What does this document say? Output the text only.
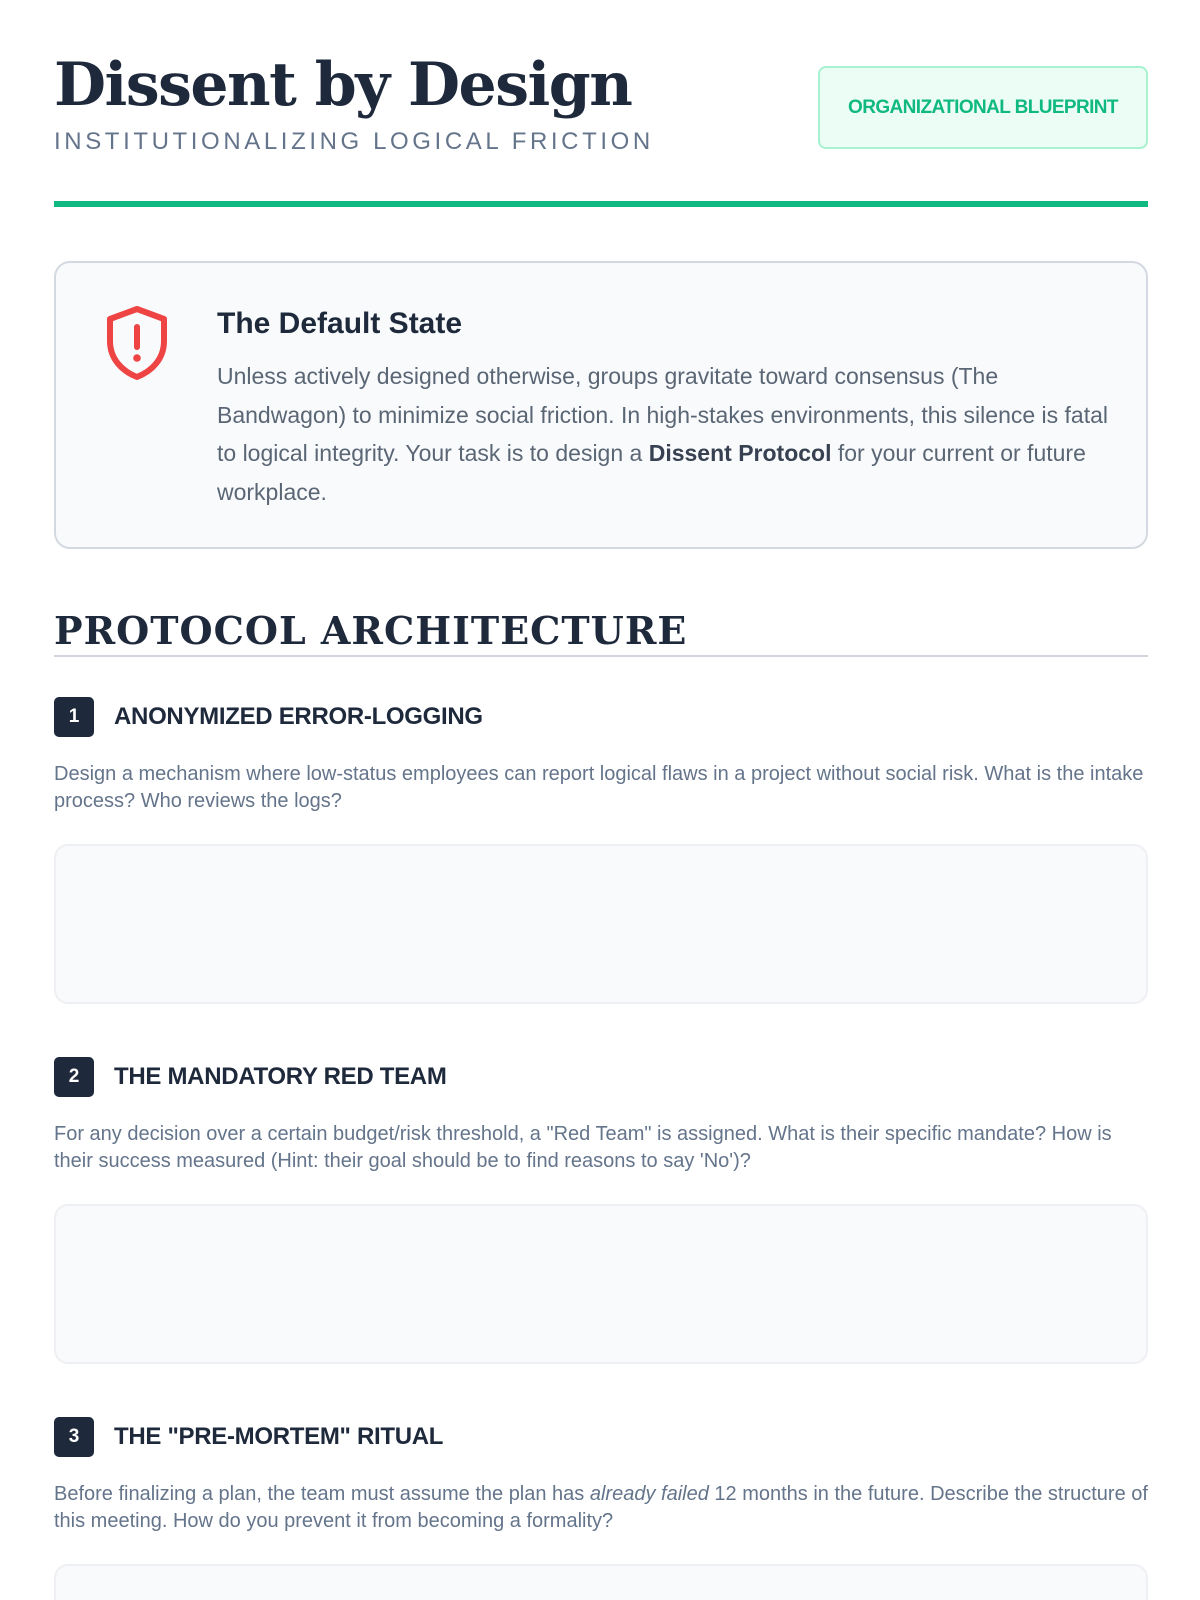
Dissent by Design
INSTITUTIONALIZING LOGICAL FRICTION
ORGANIZATIONAL BLUEPRINT
The Default State
Unless actively designed otherwise, groups gravitate toward consensus (The Bandwagon) to minimize social friction. In high-stakes environments, this silence is fatal to logical integrity. Your task is to design a Dissent Protocol for your current or future workplace.
PROTOCOL ARCHITECTURE
1	ANONYMIZED ERROR-LOGGING
Design a mechanism where low-status employees can report logical flaws in a project without social risk. What is the intake process? Who reviews the logs?
2	THE MANDATORY RED TEAM
For any decision over a certain budget/risk threshold, a "Red Team" is assigned. What is their specific mandate? How is their success measured (Hint: their goal should be to find reasons to say 'No')?
3	THE "PRE-MORTEM" RITUAL
Before finalizing a plan, the team must assume the plan has already failed 12 months in the future. Describe the structure of this meeting. How do you prevent it from becoming a formality?
